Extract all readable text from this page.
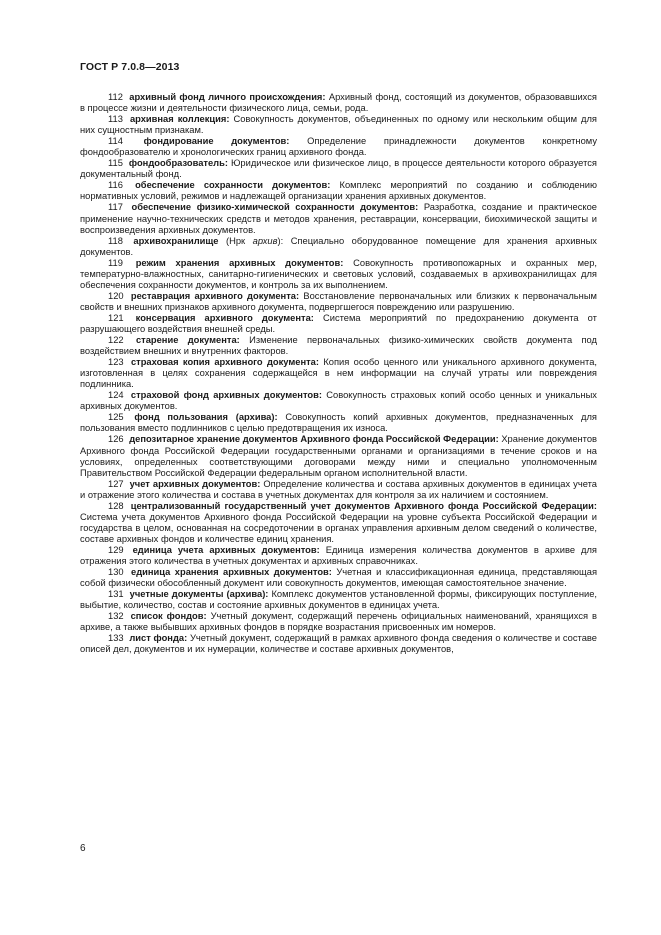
ГОСТ Р 7.0.8—2013

112 архивный фонд личного происхождения: Архивный фонд, состоящий из документов, образовавшихся в процессе жизни и деятельности физического лица, семьи, рода.

113 архивная коллекция: Совокупность документов, объединенных по одному или нескольким общим для них сущностным признакам.

114 фондирование документов: Определение принадлежности документов конкретному фондообразователю и хронологических границ архивного фонда.

115 фондообразователь: Юридическое или физическое лицо, в процессе деятельности которого образуется документальный фонд.

116 обеспечение сохранности документов: Комплекс мероприятий по созданию и соблюдению нормативных условий, режимов и надлежащей организации хранения архивных документов.

117 обеспечение физико-химической сохранности документов: Разработка, создание и практическое применение научно-технических средств и методов хранения, реставрации, консервации, биохимической защиты и воспроизведения архивных документов.

118 архивохранилище (Нрк архив): Специально оборудованное помещение для хранения архивных документов.

119 режим хранения архивных документов: Совокупность противопожарных и охранных мер, температурно-влажностных, санитарно-гигиенических и световых условий, создаваемых в архивохранилищах для обеспечения сохранности документов, и контроль за их выполнением.

120 реставрация архивного документа: Восстановление первоначальных или близких к первоначальным свойств и внешних признаков архивного документа, подвергшегося повреждению или разрушению.

121 консервация архивного документа: Система мероприятий по предохранению документа от разрушающего воздействия внешней среды.

122 старение документа: Изменение первоначальных физико-химических свойств документа под воздействием внешних и внутренних факторов.

123 страховая копия архивного документа: Копия особо ценного или уникального архивного документа, изготовленная в целях сохранения содержащейся в нем информации на случай утраты или повреждения подлинника.

124 страховой фонд архивных документов: Совокупность страховых копий особо ценных и уникальных архивных документов.

125 фонд пользования (архива): Совокупность копий архивных документов, предназначенных для пользования вместо подлинников с целью предотвращения их износа.

126 депозитарное хранение документов Архивного фонда Российской Федерации: Хранение документов Архивного фонда Российской Федерации государственными органами и организациями в течение сроков и на условиях, определенных соответствующими договорами между ними и специально уполномоченным Правительством Российской Федерации федеральным органом исполнительной власти.

127 учет архивных документов: Определение количества и состава архивных документов в единицах учета и отражение этого количества и состава в учетных документах для контроля за их наличием и состоянием.

128 централизованный государственный учет документов Архивного фонда Российской Федерации: Система учета документов Архивного фонда Российской Федерации на уровне субъекта Российской Федерации и государства в целом, основанная на сосредоточении в органах управления архивным делом сведений о количестве, составе архивных фондов и количестве единиц хранения.

129 единица учета архивных документов: Единица измерения количества документов в архиве для отражения этого количества в учетных документах и архивных справочниках.

130 единица хранения архивных документов: Учетная и классификационная единица, представляющая собой физически обособленный документ или совокупность документов, имеющая самостоятельное значение.

131 учетные документы (архива): Комплекс документов установленной формы, фиксирующих поступление, выбытие, количество, состав и состояние архивных документов в единицах учета.

132 список фондов: Учетный документ, содержащий перечень официальных наименований, хранящихся в архиве, а также выбывших архивных фондов в порядке возрастания присвоенных им номеров.

133 лист фонда: Учетный документ, содержащий в рамках архивного фонда сведения о количестве и составе описей дел, документов и их нумерации, количестве и составе архивных документов,

6
